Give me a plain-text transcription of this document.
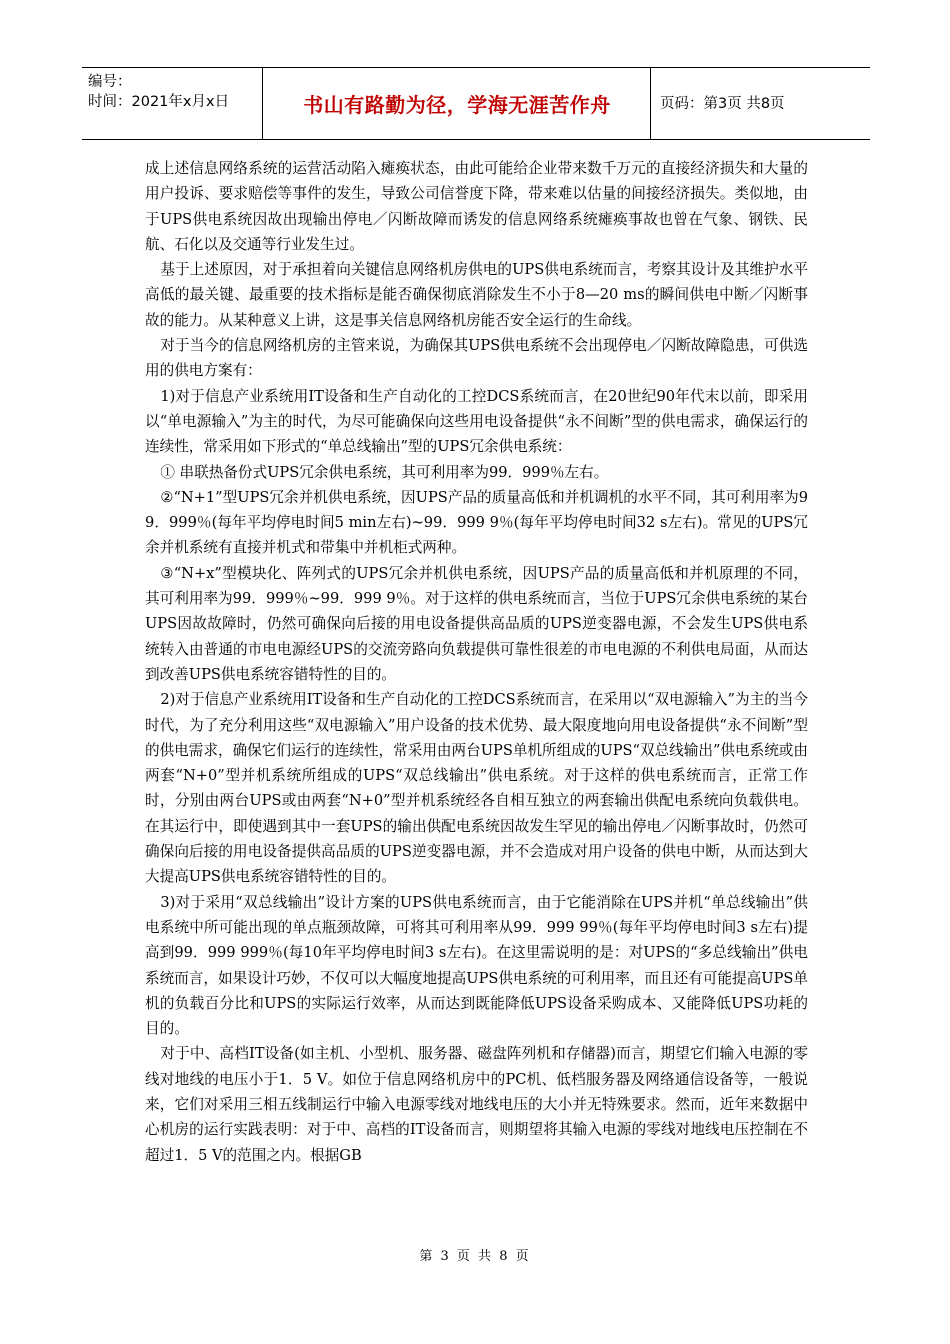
编号：
时间：2021年x月x日	书山有路勤为径，学海无涯苦作舟	页码：第3页 共8页

成上述信息网络系统的运营活动陷入瘫痪状态，由此可能给企业带来数千万元的直接经济损失和大量的用户投诉、要求赔偿等事件的发生，导致公司信誉度下降，带来难以估量的间接经济损失。类似地，由于UPS供电系统因故出现输出停电／闪断故障而诱发的信息网络系统瘫痪事故也曾在气象、钢铁、民航、石化以及交通等行业发生过。

基于上述原因，对于承担着向关键信息网络机房供电的UPS供电系统而言，考察其设计及其维护水平高低的最关键、最重要的技术指标是能否确保彻底消除发生不小于8—20 ms的瞬间供电中断／闪断事故的能力。从某种意义上讲，这是事关信息网络机房能否安全运行的生命线。

对于当今的信息网络机房的主管来说，为确保其UPS供电系统不会出现停电／闪断故障隐患，可供选用的供电方案有：

1)对于信息产业系统用IT设备和生产自动化的工控DCS系统而言，在20世纪90年代末以前，即采用以“单电源输入”为主的时代，为尽可能确保向这些用电设备提供“永不间断”型的供电需求，确保运行的连续性，常采用如下形式的“单总线输出”型的UPS冗余供电系统：

① 串联热备份式UPS冗余供电系统，其可利用率为99．999％左右。

②“N+1”型UPS冗余并机供电系统，因UPS产品的质量高低和并机调机的水平不同，其可利用率为99．999％(每年平均停电时间5 min左右)~99．999 9％(每年平均停电时间32 s左右)。常见的UPS冗余并机系统有直接并机式和带集中并机柜式两种。

③“N+x”型模块化、阵列式的UPS冗余并机供电系统，因UPS产品的质量高低和并机原理的不同，其可利用率为99．999％~99．999 9％。对于这样的供电系统而言，当位于UPS冗余供电系统的某台UPS因故故障时，仍然可确保向后接的用电设备提供高品质的UPS逆变器电源，不会发生UPS供电系统转入由普通的市电电源经UPS的交流旁路向负载提供可靠性很差的市电电源的不利供电局面，从而达到改善UPS供电系统容错特性的目的。

2)对于信息产业系统用IT设备和生产自动化的工控DCS系统而言，在采用以“双电源输入”为主的当今时代，为了充分利用这些“双电源输入”用户设备的技术优势、最大限度地向用电设备提供“永不间断”型的供电需求，确保它们运行的连续性，常采用由两台UPS单机所组成的UPS“双总线输出”供电系统或由两套“N+0”型并机系统所组成的UPS“双总线输出”供电系统。对于这样的供电系统而言，正常工作时，分别由两台UPS或由两套“N+0”型并机系统经各自相互独立的两套输出供配电系统向负载供电。在其运行中，即使遇到其中一套UPS的输出供配电系统因故发生罕见的输出停电／闪断事故时，仍然可确保向后接的用电设备提供高品质的UPS逆变器电源，并不会造成对用户设备的供电中断，从而达到大大提高UPS供电系统容错特性的目的。

3)对于采用“双总线输出”设计方案的UPS供电系统而言，由于它能消除在UPS并机“单总线输出”供电系统中所可能出现的单点瓶颈故障，可将其可利用率从99．999 99％(每年平均停电时间3 s左右)提高到99．999 999％(每10年平均停电时间3 s左右)。在这里需说明的是：对UPS的“多总线输出”供电系统而言，如果设计巧妙，不仅可以大幅度地提高UPS供电系统的可利用率，而且还有可能提高UPS单机的负载百分比和UPS的实际运行效率，从而达到既能降低UPS设备采购成本、又能降低UPS功耗的目的。

对于中、高档IT设备(如主机、小型机、服务器、磁盘阵列机和存储器)而言，期望它们输入电源的零线对地线的电压小于1．5 V。如位于信息网络机房中的PC机、低档服务器及网络通信设备等，一般说来，它们对采用三相五线制运行中输入电源零线对地线电压的大小并无特殊要求。然而，近年来数据中心机房的运行实践表明：对于中、高档的IT设备而言，则期望将其输入电源的零线对地线电压控制在不超过1．5 V的范围之内。根据GB

第 3 页 共 8 页
